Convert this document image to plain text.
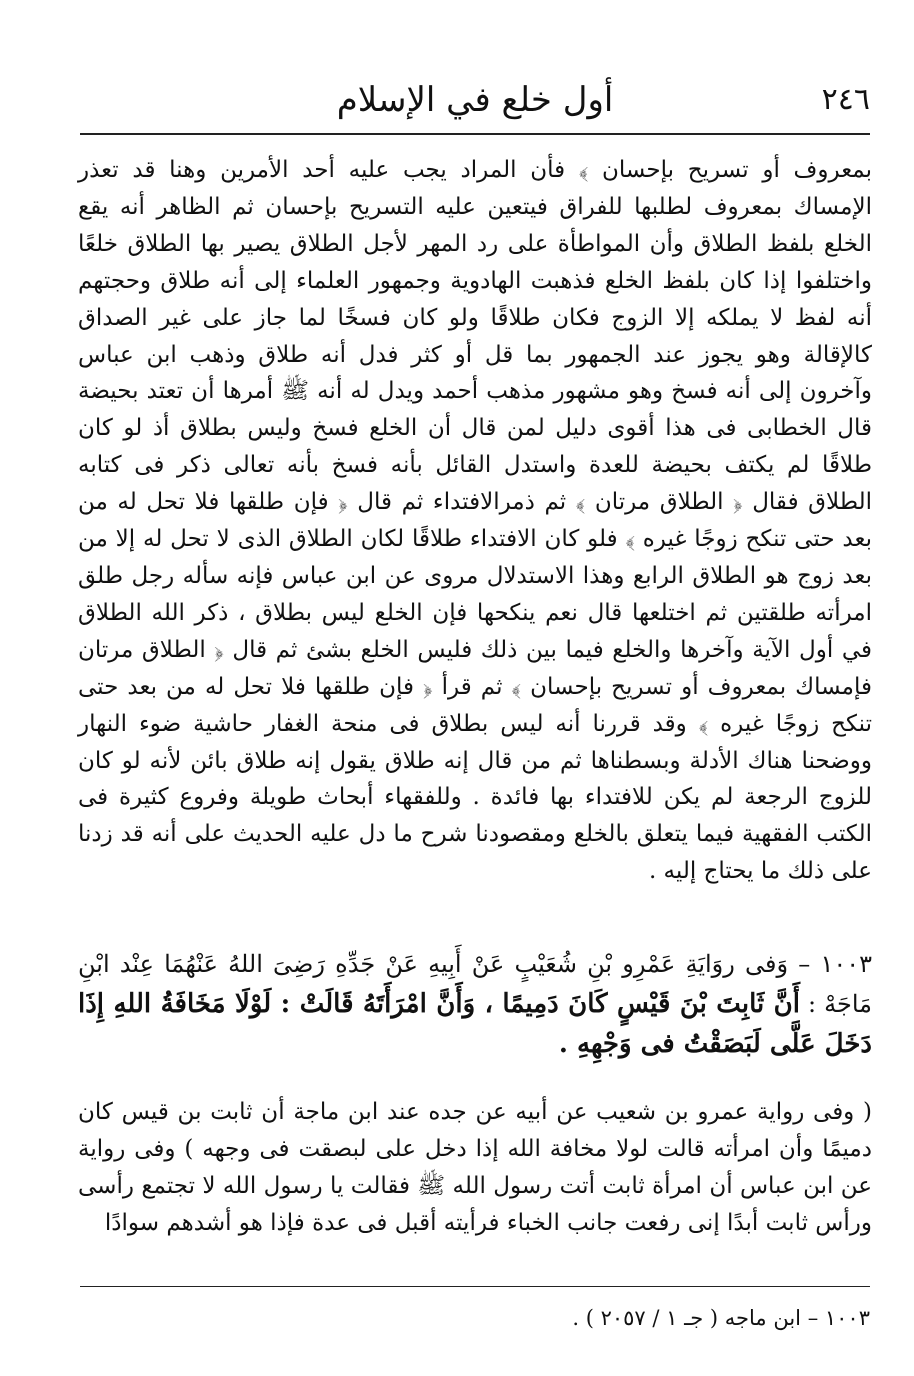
٢٤٦
أول خلع في الإسلام

بمعروف أو تسريح بإحسان ﴾ فأن المراد يجب عليه أحد الأمرين وهنا قد تعذر الإمساك بمعروف لطلبها للفراق فيتعين عليه التسريح بإحسان ثم الظاهر أنه يقع الخلع بلفظ الطلاق وأن المواطأة على رد المهر لأجل الطلاق يصير بها الطلاق خلعًا واختلفوا إذا كان بلفظ الخلع فذهبت الهادوية وجمهور العلماء إلى أنه طلاق وحجتهم أنه لفظ لا يملكه إلا الزوج فكان طلاقًا ولو كان فسخًا لما جاز على غير الصداق كالإقالة وهو يجوز عند الجمهور بما قل أو كثر فدل أنه طلاق وذهب ابن عباس وآخرون إلى أنه فسخ وهو مشهور مذهب أحمد ويدل له أنه ﷺ أمرها أن تعتد بحيضة قال الخطابى فى هذا أقوى دليل لمن قال أن الخلع فسخ وليس بطلاق أذ لو كان طلاقًا لم يكتف بحيضة للعدة واستدل القائل بأنه فسخ بأنه تعالى ذكر فى كتابه الطلاق فقال ﴿ الطلاق مرتان ﴾ ثم ذمرالافتداء ثم قال ﴿ فإن طلقها فلا تحل له من بعد حتى تنكح زوجًا غيره ﴾ فلو كان الافتداء طلاقًا لكان الطلاق الذى لا تحل له إلا من بعد زوج هو الطلاق الرابع وهذا الاستدلال مروى عن ابن عباس فإنه سأله رجل طلق امرأته طلقتين ثم اختلعها قال نعم ينكحها فإن الخلع ليس بطلاق ، ذكر الله الطلاق في أول الآية وآخرها والخلع فيما بين ذلك فليس الخلع بشئ ثم قال ﴿ الطلاق مرتان فإمساك بمعروف أو تسريح بإحسان ﴾ ثم قرأ ﴿ فإن طلقها فلا تحل له من بعد حتى تنكح زوجًا غيره ﴾ وقد قررنا أنه ليس بطلاق فى منحة الغفار حاشية ضوء النهار ووضحنا هناك الأدلة وبسطناها ثم من قال إنه طلاق يقول إنه طلاق بائن لأنه لو كان للزوج الرجعة لم يكن للافتداء بها فائدة . وللفقهاء أبحاث طويلة وفروع كثيرة فى الكتب الفقهية فيما يتعلق بالخلع ومقصودنا شرح ما دل عليه الحديث على أنه قد زدنا على ذلك ما يحتاج إليه .

١٠٠٣ – وَفى روَايَةِ عَمْرِو بْنِ شُعَيْبٍ عَنْ أَبِيهِ عَنْ جَدِّهِ رَضِىَ اللهُ عَنْهُمَا عِنْد ابْنِ مَاجَهْ : أَنَّ ثَابِتَ بْنَ قَيْسٍ كَانَ دَمِيمًا ، وَأَنَّ امْرَأَتَهُ قَالَتْ : لَوْلَا مَخَافَةُ اللهِ إِذَا دَخَلَ عَلَّى لَبَصَقْتُ فى وَجْهِهِ .

( وفى رواية عمرو بن شعيب عن أبيه عن جده عند ابن ماجة أن ثابت بن قيس كان دميمًا وأن امرأته قالت لولا مخافة الله إذا دخل على لبصقت فى وجهه ) وفى رواية عن ابن عباس أن امرأة ثابت أتت رسول الله ﷺ فقالت يا رسول الله لا تجتمع رأسى ورأس ثابت أبدًا إنى رفعت جانب الخباء فرأيته أقبل فى عدة فإذا هو أشدهم سوادًا

١٠٠٣ – ابن ماجه ( جـ ١ / ٢٠٥٧ ) .
